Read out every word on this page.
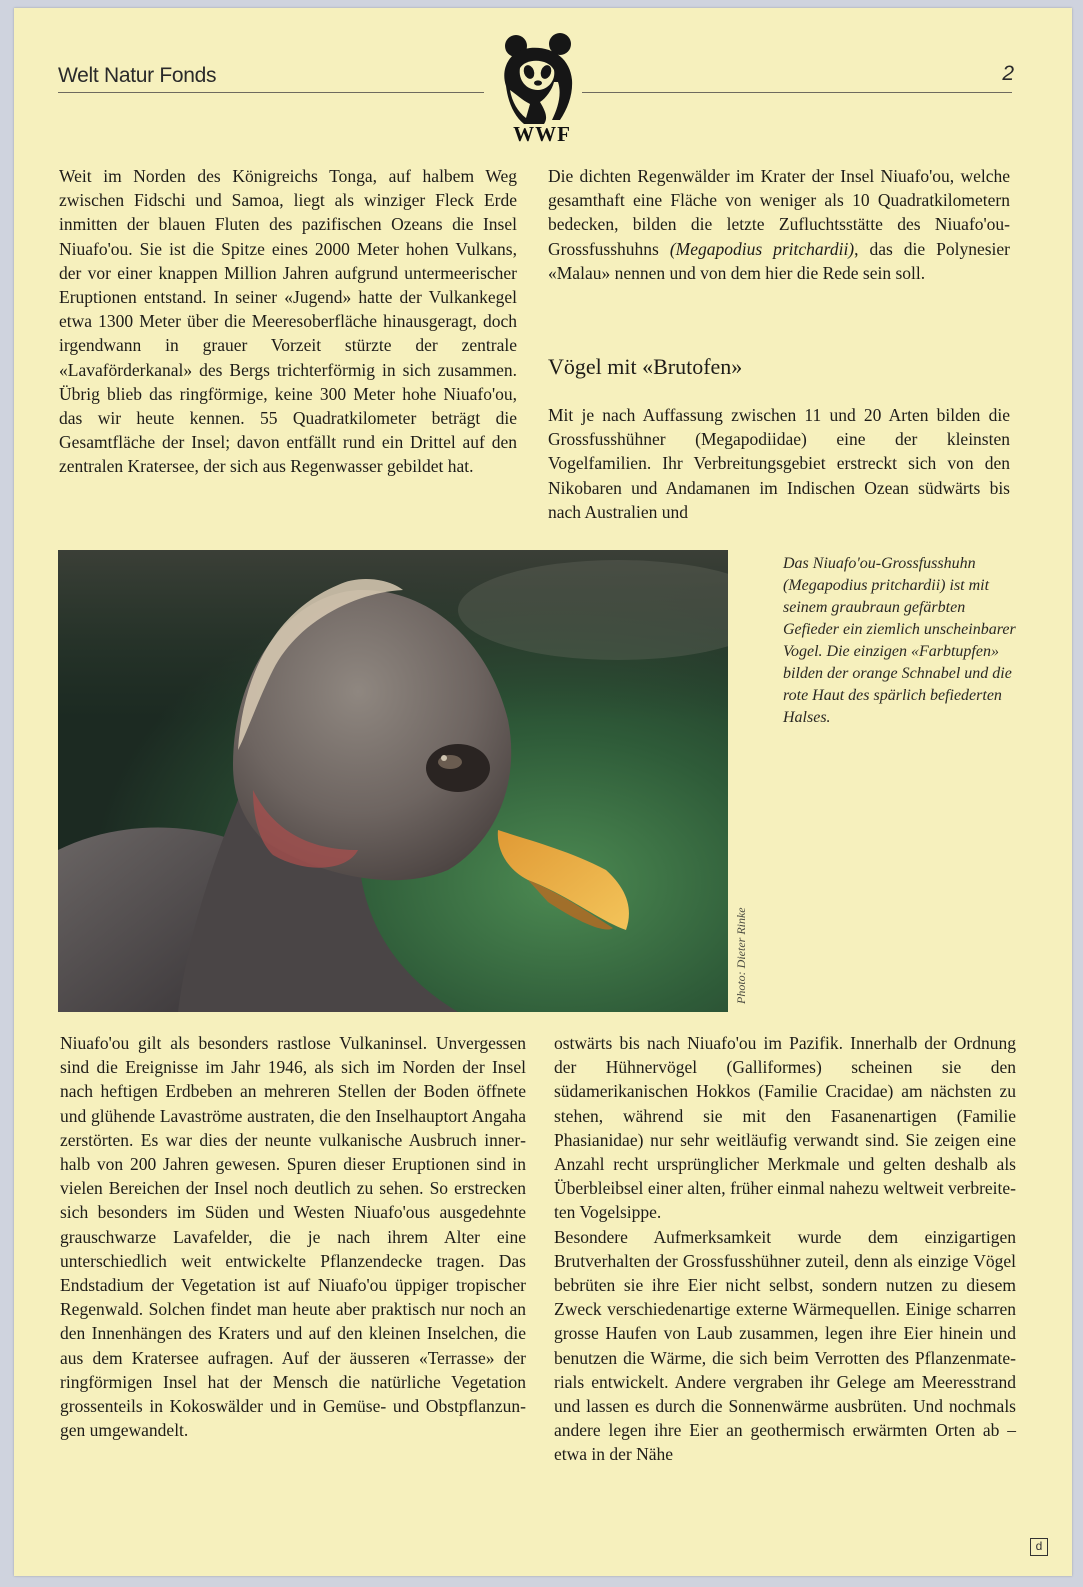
Welt Natur Fonds	2
WWF

Weit im Norden des Königreichs Tonga, auf halbem Weg zwischen Fidschi und Samoa, liegt als winziger Fleck Erde inmitten der blauen Fluten des pazifischen Ozeans die Insel Niuafo'ou. Sie ist die Spitze eines 2000 Meter hohen Vulkans, der vor einer knappen Million Jahren aufgrund untermeerischer Eruptionen entstand. In seiner «Jugend» hatte der Vulkankegel etwa 1300 Meter über die Meeresoberfläche hinausgeragt, doch irgendwann in grauer Vorzeit stürzte der zentrale «Lavaförderkanal» des Bergs trichterförmig in sich zusammen. Übrig blieb das ringförmige, keine 300 Meter hohe Niuafo'ou, das wir heute kennen. 55 Quadratkilometer beträgt die Gesamtfläche der Insel; davon entfällt rund ein Drittel auf den zentralen Kratersee, der sich aus Regenwasser gebildet hat.

Die dichten Regenwälder im Krater der Insel Niuafo'ou, welche gesamthaft eine Fläche von weniger als 10 Quadratkilometern bedecken, bilden die letzte Zufluchtsstätte des Niuafo'ou-Grossfusshuhns (Megapodius pritchardii), das die Polynesier «Malau» nennen und von dem hier die Rede sein soll.

Vögel mit «Brutofen»

Mit je nach Auffassung zwischen 11 und 20 Arten bilden die Grossfusshühner (Megapodiidae) eine der kleinsten Vogelfamilien. Ihr Verbreitungsgebiet erstreckt sich von den Nikobaren und Andamanen im Indischen Ozean südwärts bis nach Australien und

Photo: Dieter Rinke
Das Niuafo'ou-Grossfusshuhn (Megapodius pritchardii) ist mit seinem graubraun gefärbten Gefieder ein ziemlich unscheinbarer Vogel. Die einzigen «Farbtupfen» bilden der orange Schnabel und die rote Haut des spärlich befiederten Halses.

Niuafo'ou gilt als besonders rastlose Vulkaninsel. Unvergessen sind die Ereignisse im Jahr 1946, als sich im Norden der Insel nach heftigen Erdbeben an mehreren Stellen der Boden öffnete und glühende Lavaströme austraten, die den Inselhauptort Angaha zerstörten. Es war dies der neunte vulkanische Ausbruch innerhalb von 200 Jahren gewesen. Spuren dieser Eruptionen sind in vielen Bereichen der Insel noch deutlich zu sehen. So erstrecken sich besonders im Süden und Westen Niuafo'ous ausgedehnte grauschwarze Lavafelder, die je nach ihrem Alter eine unterschiedlich weit entwickelte Pflanzendecke tragen. Das Endstadium der Vegetation ist auf Niuafo'ou üppiger tropischer Regenwald. Solchen findet man heute aber praktisch nur noch an den Innenhängen des Kraters und auf den kleinen Inselchen, die aus dem Kratersee aufragen. Auf der äusseren «Terrasse» der ringförmigen Insel hat der Mensch die natürliche Vegetation grossenteils in Kokoswälder und in Gemüse- und Obstpflanzungen umgewandelt.

ostwärts bis nach Niuafo'ou im Pazifik. Innerhalb der Ordnung der Hühnervögel (Galliformes) scheinen sie den südamerikanischen Hokkos (Familie Cracidae) am nächsten zu stehen, während sie mit den Fasanenartigen (Familie Phasianidae) nur sehr weitläufig verwandt sind. Sie zeigen eine Anzahl recht ursprünglicher Merkmale und gelten deshalb als Überbleibsel einer alten, früher einmal nahezu weltweit verbreiteten Vogelsippe.

Besondere Aufmerksamkeit wurde dem einzigartigen Brutverhalten der Grossfusshühner zuteil, denn als einzige Vögel bebrüten sie ihre Eier nicht selbst, sondern nutzen zu diesem Zweck verschiedenartige externe Wärmequellen. Einige scharren grosse Haufen von Laub zusammen, legen ihre Eier hinein und benutzen die Wärme, die sich beim Verrotten des Pflanzenmaterials entwickelt. Andere vergraben ihr Gelege am Meeresstrand und lassen es durch die Sonnenwärme ausbrüten. Und nochmals andere legen ihre Eier an geothermisch erwärmten Orten ab – etwa in der Nähe

d
